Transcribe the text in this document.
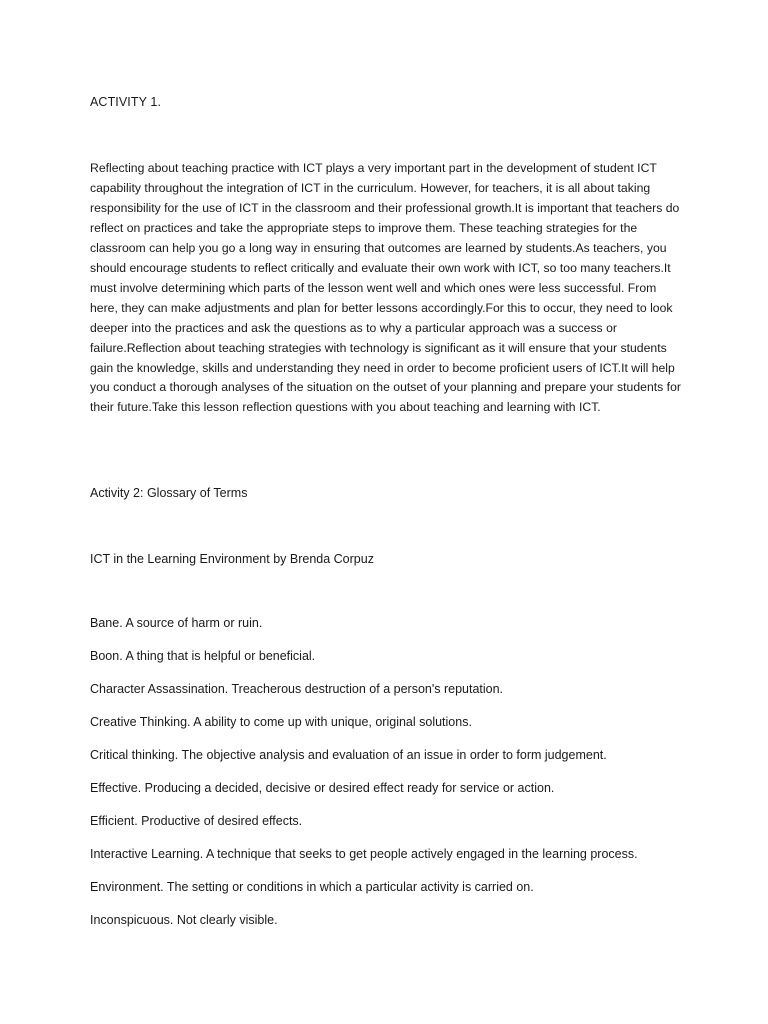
ACTIVITY 1.

Reflecting about teaching practice with ICT plays a very important part in the development of student ICT capability throughout the integration of ICT in the curriculum. However, for teachers, it is all about taking responsibility for the use of ICT in the classroom and their professional growth.It is important that teachers do reflect on practices and take the appropriate steps to improve them. These teaching strategies for the classroom can help you go a long way in ensuring that outcomes are learned by students.As teachers, you should encourage students to reflect critically and evaluate their own work with ICT, so too many teachers.It must involve determining which parts of the lesson went well and which ones were less successful. From here, they can make adjustments and plan for better lessons accordingly.For this to occur, they need to look deeper into the practices and ask the questions as to why a particular approach was a success or failure.Reflection about teaching strategies with technology is significant as it will ensure that your students gain the knowledge, skills and understanding they need in order to become proficient users of ICT.It will help you conduct a thorough analyses of the situation on the outset of your planning and prepare your students for their future.Take this lesson reflection questions with you about teaching and learning with ICT.

Activity 2: Glossary of Terms
ICT in the Learning Environment by Brenda Corpuz
Bane. A source of harm or ruin.
Boon. A thing that is helpful or beneficial.
Character Assassination. Treacherous destruction of a person's reputation.
Creative Thinking. A ability to come up with unique, original solutions.
Critical thinking. The objective analysis and evaluation of an issue in order to form judgement.
Effective. Producing a decided, decisive or desired effect ready for service or action.
Efficient. Productive of desired effects.
Interactive Learning. A technique that seeks to get people actively engaged in the learning process.
Environment. The setting or conditions in which a particular activity is carried on.
Inconspicuous. Not clearly visible.
